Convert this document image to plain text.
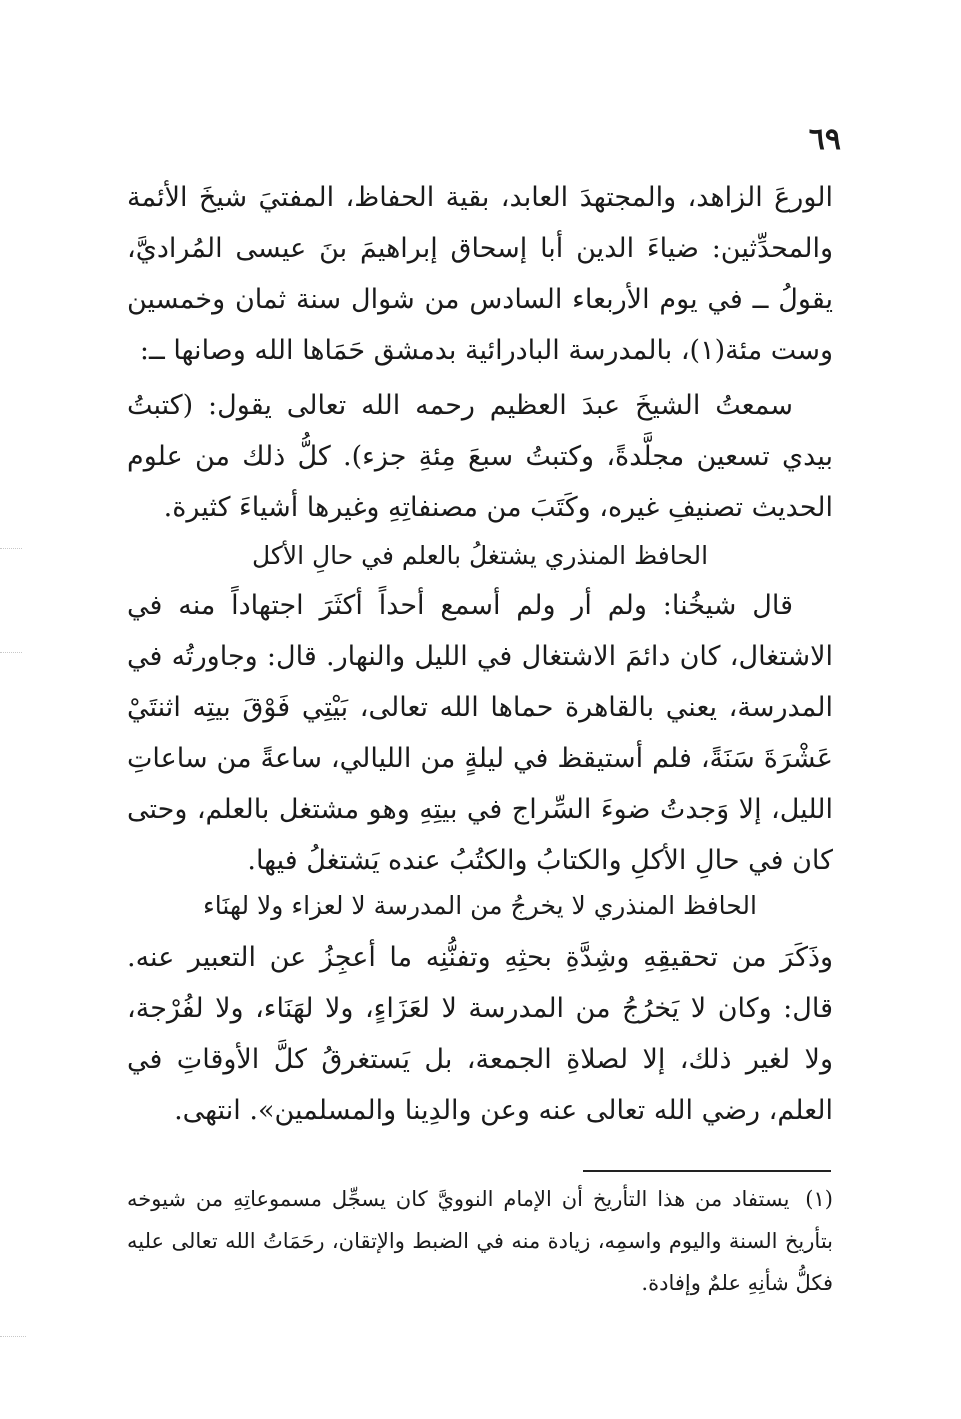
٦٩

الورعَ الزاهد، والمجتهدَ العابد، بقية الحفاظ، المفتيَ شيخَ الأئمة والمحدِّثين: ضياءَ الدين أبا إسحاق إبراهيمَ بنَ عيسى المُراديَّ، يقولُ ــ في يوم الأربعاء السادس من شوال سنة ثمان وخمسين وست مئة(١)، بالمدرسة البادرائية بدمشق حَمَاها الله وصانها ــ:

سمعتُ الشيخَ عبدَ العظيم رحمه الله تعالى يقول: (كتبتُ بيدي تسعين مجلَّدةً، وكتبتُ سبعَ مِئةِ جزء). كلُّ ذلك من علوم الحديث تصنيفِ غيره، وكَتَبَ من مصنفاتِهِ وغيرها أشياءَ كثيرة.

الحافظ المنذري يشتغلُ بالعلم في حالِ الأكل

قال شيخُنا: ولم أر ولم أسمع أحداً أكثَرَ اجتهاداً منه في الاشتغال، كان دائمَ الاشتغال في الليل والنهار. قال: وجاورتُه في المدرسة، يعني بالقاهرة حماها الله تعالى، بَيْتِي فَوْقَ بيتِه اثنتَيْ عَشْرَةَ سَنَةً، فلم أستيقظ في ليلةٍ من الليالي، ساعةً من ساعاتِ الليل، إلا وَجدتُ ضوءَ السِّراج في بيتِهِ وهو مشتغل بالعلم، وحتى كان في حالِ الأكلِ والكتابُ والكتُبُ عنده يَشتغلُ فيها.

الحافظ المنذري لا يخرجُ من المدرسة لا لعزاء ولا لهنَاء

وذَكَرَ من تحقيقِهِ وشِدَّةِ بحثِهِ وتفنُّنِه ما أعجِزُ عن التعبير عنه. قال: وكان لا يَخرُجُ من المدرسة لا لعَزَاءٍ، ولا لهَنَاء، ولا لفُرْجة، ولا لغير ذلك، إلا لصلاةِ الجمعة، بل يَستغرقُ كلَّ الأوقاتِ في العلم، رضي الله تعالى عنه وعن والدِينا والمسلمين». انتهى.

(١) يستفاد من هذا التأريخ أن الإمام النوويَّ كان يسجِّل مسموعاتِهِ من شيوخه بتأريخ السنة واليوم واسمِه، زيادة منه في الضبط والإتقان، رحَمَاتُ الله تعالى عليه فكلُّ شأنِهِ علمٌ وإفادة.
